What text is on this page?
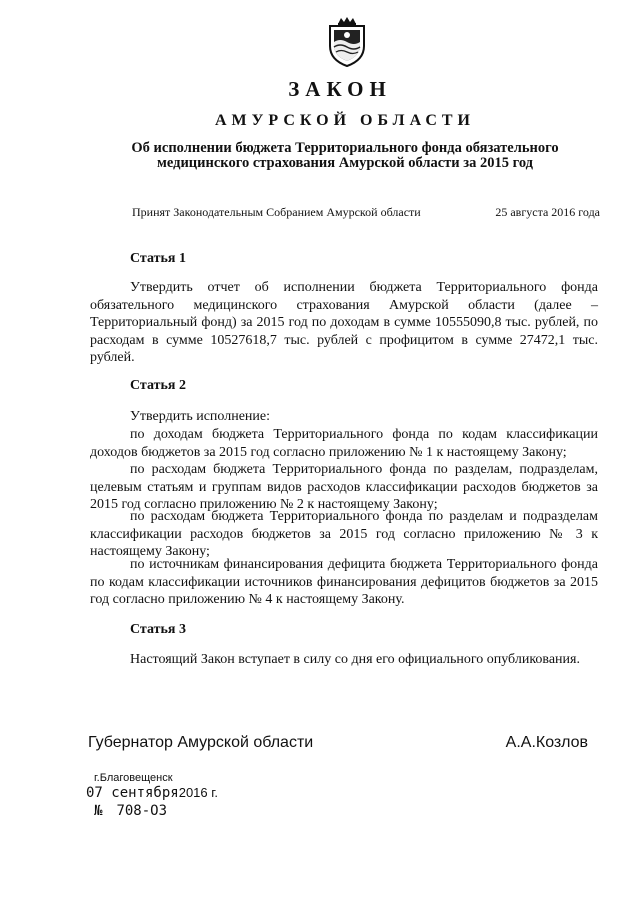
ЗАКОН
АМУРСКОЙ ОБЛАСТИ
Об исполнении бюджета Территориального фонда обязательного медицинского страхования Амурской области за 2015 год
Принят Законодательным Собранием Амурской области	25 августа 2016 года
Статья 1

Утвердить отчет об исполнении бюджета Территориального фонда обязательного медицинского страхования Амурской области (далее – Территориальный фонд) за 2015 год по доходам в сумме 10555090,8 тыс. рублей, по расходам в сумме 10527618,7 тыс. рублей с профицитом в сумме 27472,1 тыс. рублей.

Статья 2

Утвердить исполнение:

по доходам бюджета Территориального фонда по кодам классификации доходов бюджетов за 2015 год согласно приложению № 1 к настоящему Закону;

по расходам бюджета Территориального фонда по разделам, подразделам, целевым статьям и группам видов расходов классификации расходов бюджетов за 2015 год согласно приложению № 2 к настоящему Закону;

по расходам бюджета Территориального фонда по разделам и подразделам классификации расходов бюджетов за 2015 год согласно приложению № 3 к настоящему Закону;

по источникам финансирования дефицита бюджета Территориального фонда по кодам классификации источников финансирования дефицитов бюджетов за 2015 год согласно приложению № 4 к настоящему Закону.

Статья 3

Настоящий Закон вступает в силу со дня его официального опубликования.

Губернатор Амурской области	А.А.Козлов
г.Благовещенск
07 сентября2016 г.
№ 708-ОЗ
